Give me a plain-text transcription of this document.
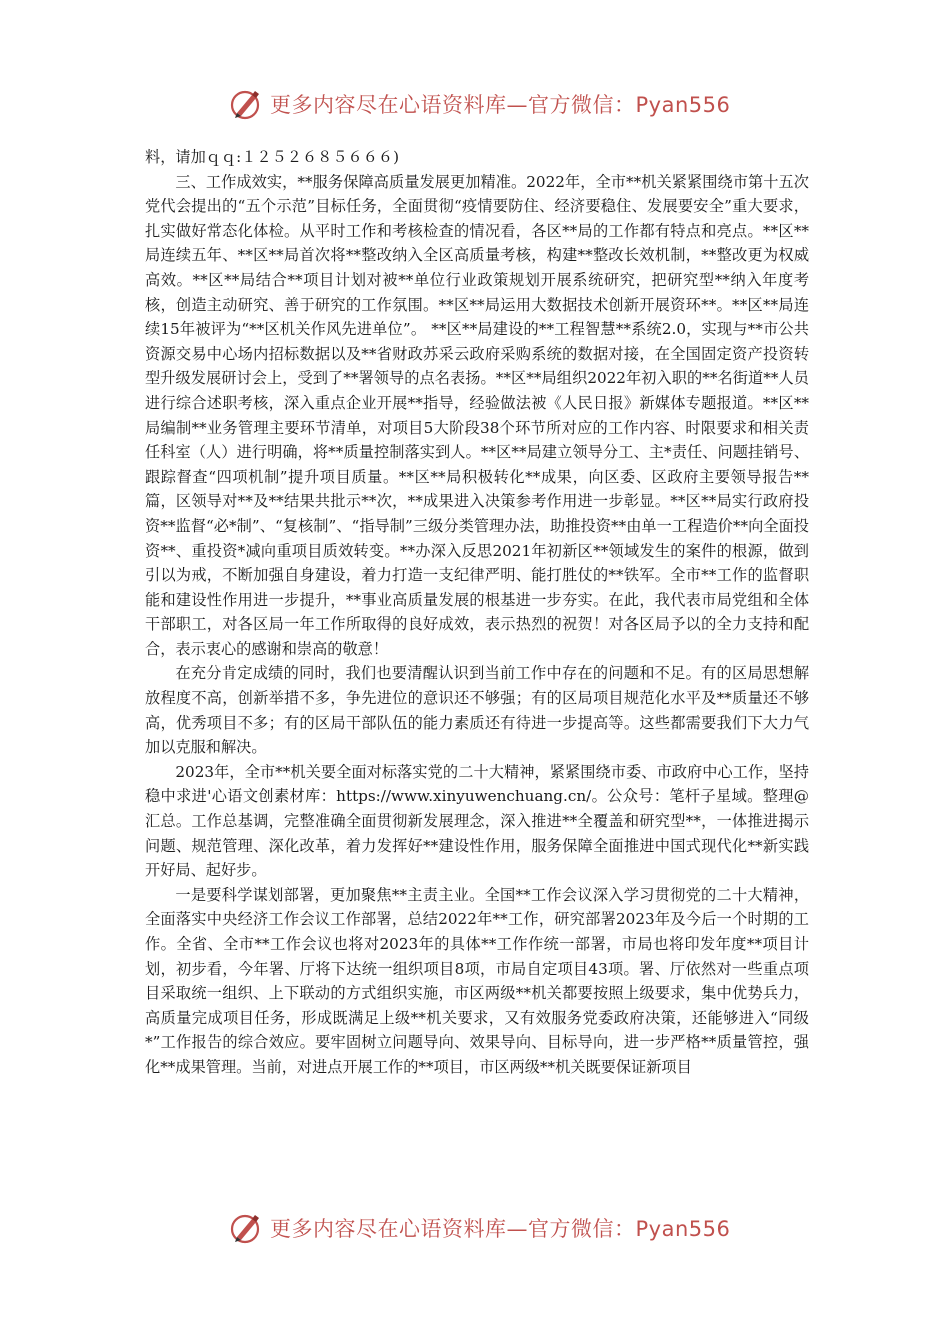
更多内容尽在心语资料库—官方微信：Pyan556

料，请加ｑｑ:１２５２６８５６６６)

三、工作成效实，**服务保障高质量发展更加精准。2022年，全市**机关紧紧围绕市第十五次党代会提出的“五个示范”目标任务，全面贯彻“疫情要防住、经济要稳住、发展要安全”重大要求，扎实做好常态化体检。从平时工作和考核检查的情况看，各区**局的工作都有特点和亮点。**区**局连续五年、**区**局首次将**整改纳入全区高质量考核，构建**整改长效机制，**整改更为权威高效。**区**局结合**项目计划对被**单位行业政策规划开展系统研究，把研究型**纳入年度考核，创造主动研究、善于研究的工作氛围。**区**局运用大数据技术创新开展资环**。**区**局连续15年被评为“**区机关作风先进单位”。 **区**局建设的**工程智慧**系统2.0，实现与**市公共资源交易中心场内招标数据以及**省财政苏采云政府采购系统的数据对接，在全国固定资产投资转型升级发展研讨会上，受到了**署领导的点名表扬。**区**局组织2022年初入职的**名街道**人员进行综合述职考核，深入重点企业开展**指导，经验做法被《人民日报》新媒体专题报道。**区**局编制**业务管理主要环节清单，对项目5大阶段38个环节所对应的工作内容、时限要求和相关责任科室（人）进行明确，将**质量控制落实到人。**区**局建立领导分工、主*责任、问题挂销号、跟踪督查“四项机制”提升项目质量。**区**局积极转化**成果，向区委、区政府主要领导报告**篇，区领导对**及**结果共批示**次，**成果进入决策参考作用进一步彰显。**区**局实行政府投资**监督“必*制”、“复核制”、“指导制”三级分类管理办法，助推投资**由单一工程造价**向全面投资**、重投资*减向重项目质效转变。**办深入反思2021年初新区**领域发生的案件的根源，做到引以为戒，不断加强自身建设，着力打造一支纪律严明、能打胜仗的**铁军。全市**工作的监督职能和建设性作用进一步提升，**事业高质量发展的根基进一步夯实。在此，我代表市局党组和全体干部职工，对各区局一年工作所取得的良好成效，表示热烈的祝贺！对各区局予以的全力支持和配合，表示衷心的感谢和崇高的敬意！

在充分肯定成绩的同时，我们也要清醒认识到当前工作中存在的问题和不足。有的区局思想解放程度不高，创新举措不多，争先进位的意识还不够强；有的区局项目规范化水平及**质量还不够高，优秀项目不多；有的区局干部队伍的能力素质还有待进一步提高等。这些都需要我们下大力气加以克服和解决。

2023年，全市**机关要全面对标落实党的二十大精神，紧紧围绕市委、市政府中心工作，坚持稳中求进'心语文创素材库：https://www.xinyuwenchuang.cn/。公众号：笔杆子星域。整理@汇总。工作总基调，完整准确全面贯彻新发展理念，深入推进**全覆盖和研究型**，一体推进揭示问题、规范管理、深化改革，着力发挥好**建设性作用，服务保障全面推进中国式现代化**新实践开好局、起好步。

一是要科学谋划部署，更加聚焦**主责主业。全国**工作会议深入学习贯彻党的二十大精神，全面落实中央经济工作会议工作部署，总结2022年**工作，研究部署2023年及今后一个时期的工作。全省、全市**工作会议也将对2023年的具体**工作作统一部署，市局也将印发年度**项目计划，初步看，今年署、厅将下达统一组织项目8项，市局自定项目43项。署、厅依然对一些重点项目采取统一组织、上下联动的方式组织实施，市区两级**机关都要按照上级要求，集中优势兵力，高质量完成项目任务，形成既满足上级**机关要求，又有效服务党委政府决策，还能够进入“同级*”工作报告的综合效应。要牢固树立问题导向、效果导向、目标导向，进一步严格**质量管控，强化**成果管理。当前，对进点开展工作的**项目，市区两级**机关既要保证新项目

更多内容尽在心语资料库—官方微信：Pyan556
